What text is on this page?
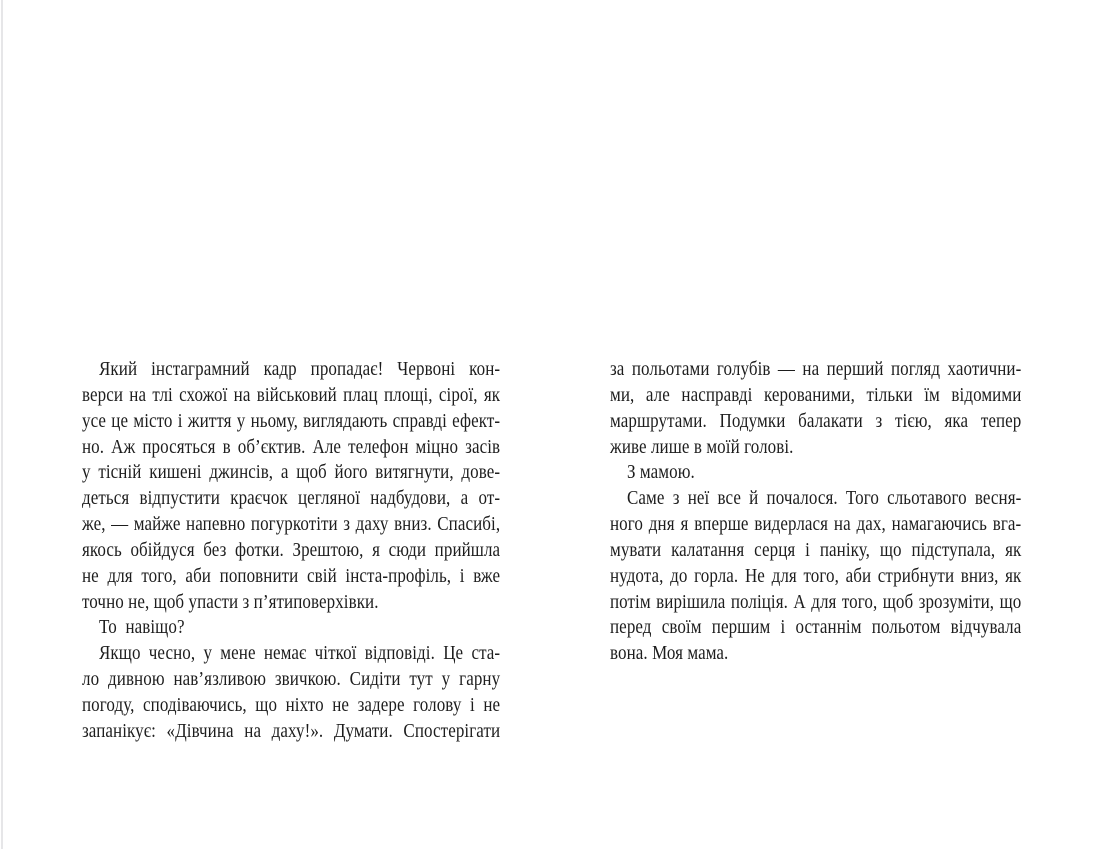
Який інстаграмний кадр пропадає! Червоні кон-
верси на тлі схожої на військовий плац площі, сірої, як
усе це місто і життя у ньому, виглядають справді ефект-
но. Аж просяться в об’єктив. Але телефон міцно засів
у тісній кишені джинсів, а щоб його витягнути, дове-
деться відпустити краєчок цегляної надбудови, а от-
же, — майже напевно погуркотіти з даху вниз. Спасибі,
якось обійдуся без фотки. Зрештою, я сюди прийшла
не для того, аби поповнити свій інста-профіль, і вже
точно не, щоб упасти з п’ятиповерхівки.
То  навіщо?
Якщо чесно, у мене немає чіткої відповіді. Це ста-
ло дивною нав’язливою звичкою. Сидіти тут у гарну
погоду, сподіваючись, що ніхто не задере голову і не
запанікує: «Дівчина на даху!». Думати. Спостерігати
за польотами голубів — на перший погляд хаотични-
ми, але насправді керованими, тільки їм відомими
маршрутами. Подумки балакати з тією, яка тепер
живе лише в моїй голові.
З мамою.
Саме з неї все й почалося. Того сльотавого весня-
ного дня я вперше видерлася на дах, намагаючись вга-
мувати калатання серця і паніку, що підступала, як
нудота, до горла. Не для того, аби стрибнути вниз, як
потім вирішила поліція. А для того, щоб зрозуміти, що
перед своїм першим і останнім польотом відчувала
вона. Моя мама.
